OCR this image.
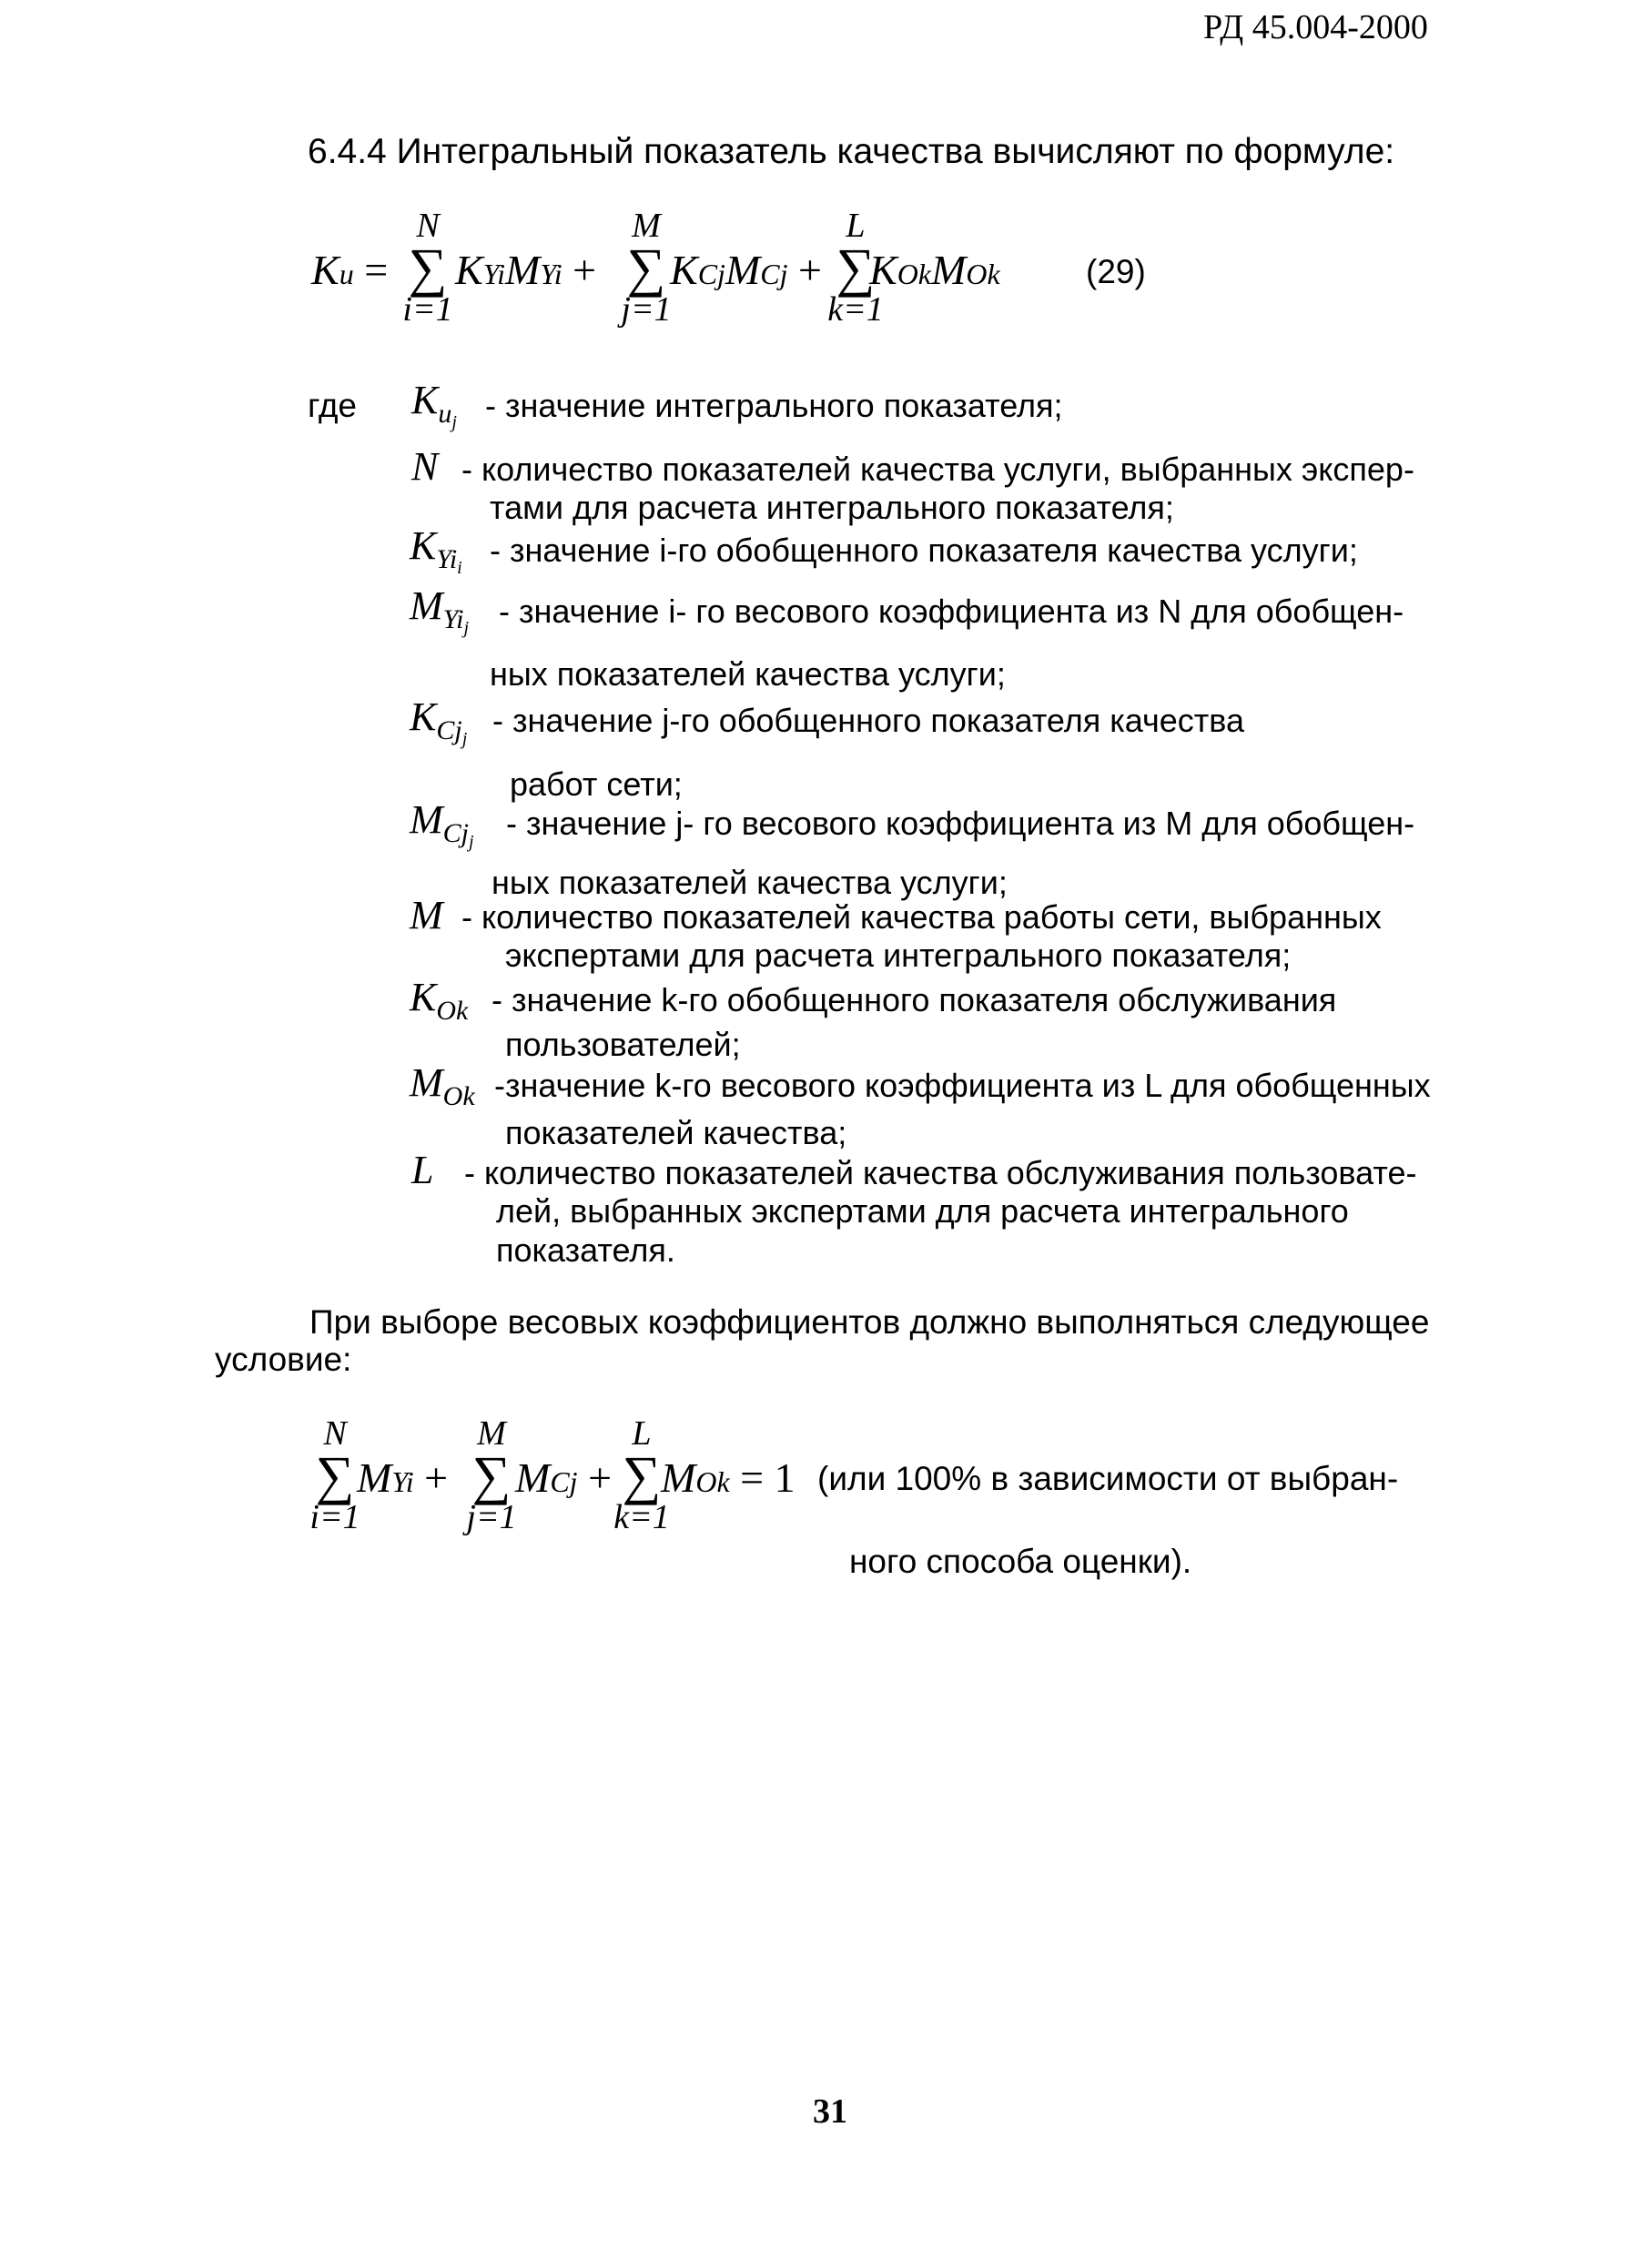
РД 45.004-2000
6.4.4 Интегральный показатель качества вычисляют по формуле:
Ku =
N
∑
i=1
KYiMYi +
M
∑
j=1
KCjMCj +
L
∑
k=1
KOkMOk	(29)
где $K_{u_j}$ - значение интегрального показателя;
N - количество показателей качества услуги, выбранных экспер-
тами для расчета интегрального показателя;
$K_{Yi_i}$ - значение i-го обобщенного показателя качества услуги;
$M_{Yi_j}$ - значение i- го весового коэффициента из N для обобщен-
ных показателей качества услуги;
$K_{Cj_j}$ - значение j-го обобщенного показателя качества
работ сети;
$M_{Cj_j}$ - значение j- го весового коэффициента из M для обобщен-
ных показателей качества услуги;
M - количество показателей качества работы сети, выбранных
экспертами для расчета интегрального показателя;
$K_{Ok}$ - значение k-го обобщенного показателя обслуживания
пользователей;
$M_{Ok}$ -значение k-го весового коэффициента из L для обобщенных
показателей качества;
L - количество показателей качества обслуживания пользовате-
лей, выбранных экспертами для расчета интегрального
показателя.
При выборе весовых коэффициентов должно выполняться следующее
условие:
N
∑
i=1
MYi +
M
∑
j=1
MCj +
L
∑
k=1
MOk = 1 (или 100% в зависимости от выбран-
ного способа оценки).
31
